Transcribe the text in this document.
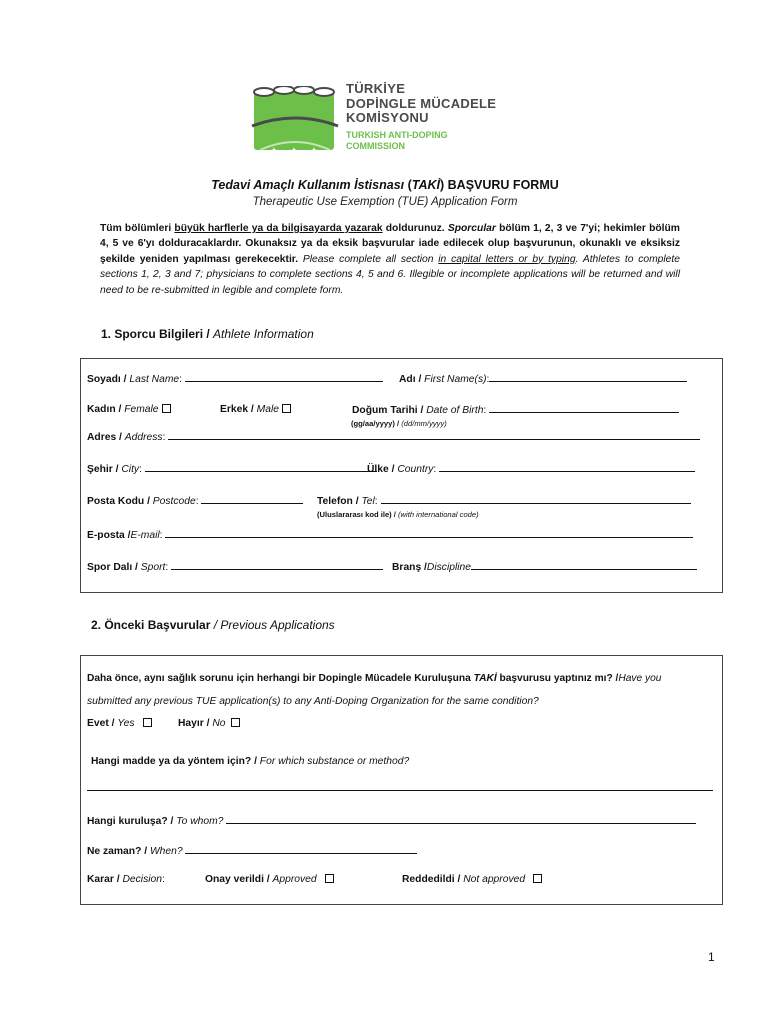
TÜRKİYE
DOPİNGLE MÜCADELE
KOMİSYONU
TURKISH ANTI-DOPING
COMMISSION
Tedavi Amaçlı Kullanım İstisnası (TAKİ) BAŞVURU FORMU
Therapeutic Use Exemption (TUE) Application Form
Tüm bölümleri büyük harflerle ya da bilgisayarda yazarak doldurunuz. Sporcular bölüm 1, 2, 3 ve 7'yi; hekimler bölüm 4, 5 ve 6'yı dolduracaklardır. Okunaksız ya da eksik başvurular iade edilecek olup başvurunun, okunaklı ve eksiksiz şekilde yeniden yapılması gerekecektir. Please complete all section in capital letters or by typing. Athletes to complete sections 1, 2, 3 and 7; physicians to complete sections 4, 5 and 6. Illegible or incomplete applications will be returned and will need to be re-submitted in legible and complete form.
1. Sporcu Bilgileri / Athlete Information
Soyadı / Last Name:	Adı / First Name(s):
Kadın / Female	Erkek / Male	Doğum Tarihi / Date of Birth:
(gg/aa/yyyy) / (dd/mm/yyyy)
Adres / Address:
Şehir / City:	Ülke / Country:
Posta Kodu / Postcode:	Telefon / Tel:
(Uluslararası kod ile) / (with international code)
E-posta /E-mail:
Spor Dalı / Sport:	Branş /Discipline
2. Önceki Başvurular / Previous Applications
Daha önce, aynı sağlık sorunu için herhangi bir Dopingle Mücadele Kuruluşuna TAKİ başvurusu yaptınız mı? /Have you
submitted any previous TUE application(s) to any Anti-Doping Organization for the same condition?
Evet / Yes	Hayır / No
Hangi madde ya da yöntem için? / For which substance or method?
Hangi kuruluşa? / To whom?
Ne zaman? / When?
Karar / Decision:	Onay verildi / Approved	Reddedildi / Not approved
1
